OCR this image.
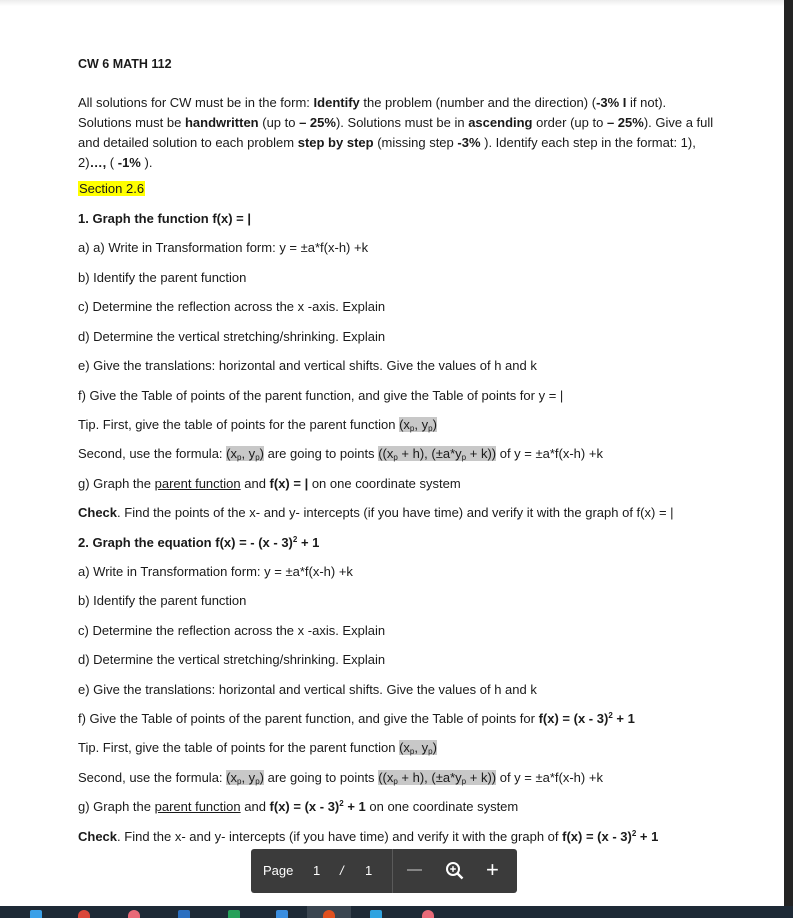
CW 6 MATH 112
All solutions for CW must be in the form: Identify the problem (number and the direction) (-3% I if not). Solutions must be handwritten (up to – 25%). Solutions must be in ascending order (up to – 25%). Give a full and detailed solution to each problem step by step (missing step -3% ). Identify each step in the format: 1), 2)…, ( -1% ).
Section 2.6
1. Graph the function f(x) = |
a) a) Write in Transformation form: y = ±a*f(x-h) +k
b) Identify the parent function
c) Determine the reflection across the x -axis. Explain
d) Determine the vertical stretching/shrinking. Explain
e) Give the translations: horizontal and vertical shifts. Give the values of h and k
f) Give the Table of points of the parent function, and give the Table of points for y = |
Tip. First, give the table of points for the parent function ($x_p$, $y_p$)
Second, use the formula: ($x_p$, $y_p$) are going to points ($(x_p + h)$, $(\pm a*y_p + k)$) of y = ±a*f(x-h) +k
g) Graph the parent function and f(x) = | on one coordinate system
Check. Find the points of the x- and y- intercepts (if you have time) and verify it with the graph of f(x) = |
2. Graph the equation f(x) = - (x - 3)$^2$ + 1
a) Write in Transformation form: y = ±a*f(x-h) +k
b) Identify the parent function
c) Determine the reflection across the x -axis. Explain
d) Determine the vertical stretching/shrinking. Explain
e) Give the translations: horizontal and vertical shifts. Give the values of h and k
f) Give the Table of points of the parent function, and give the Table of points for f(x) = (x - 3)$^2$ + 1
Tip. First, give the table of points for the parent function ($x_p$, $y_p$)
Second, use the formula: ($x_p$, $y_p$) are going to points ($(x_p + h)$, $(\pm a*y_p + k)$) of y = ±a*f(x-h) +k
g) Graph the parent function and f(x) = (x - 3)$^2$ + 1 on one coordinate system
Check. Find the x- and y- intercepts (if you have time) and verify it with the graph of f(x) = (x - 3)$^2$ + 1
Page 1 / 1 —	+
